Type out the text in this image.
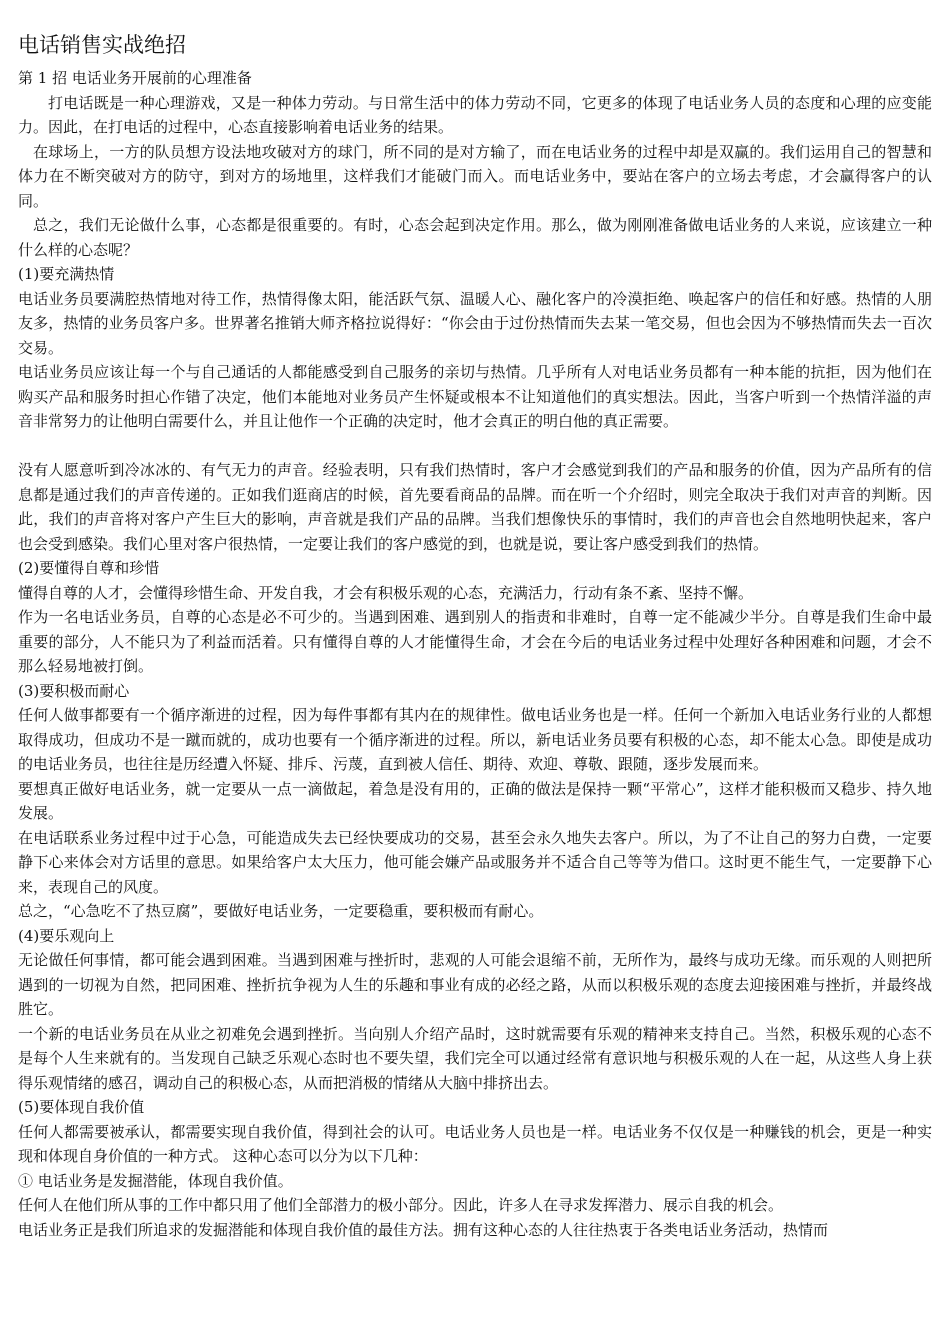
电话销售实战绝招

第 1 招 电话业务开展前的心理准备

打电话既是一种心理游戏，又是一种体力劳动。与日常生活中的体力劳动不同，它更多的体现了电话业务人员的态度和心理的应变能力。因此，在打电话的过程中，心态直接影响着电话业务的结果。

在球场上，一方的队员想方设法地攻破对方的球门，所不同的是对方输了，而在电话业务的过程中却是双赢的。我们运用自己的智慧和体力在不断突破对方的防守，到对方的场地里，这样我们才能破门而入。而电话业务中，要站在客户的立场去考虑，才会赢得客户的认同。

总之，我们无论做什么事，心态都是很重要的。有时，心态会起到决定作用。那么，做为刚刚准备做电话业务的人来说，应该建立一种什么样的心态呢？

(1)要充满热情

电话业务员要满腔热情地对待工作，热情得像太阳，能活跃气氛、温暖人心、融化客户的冷漠拒绝、唤起客户的信任和好感。热情的人朋友多，热情的业务员客户多。世界著名推销大师齐格拉说得好：“你会由于过份热情而失去某一笔交易，但也会因为不够热情而失去一百次交易。

电话业务员应该让每一个与自己通话的人都能感受到自己服务的亲切与热情。几乎所有人对电话业务员都有一种本能的抗拒，因为他们在购买产品和服务时担心作错了决定，他们本能地对业务员产生怀疑或根本不让知道他们的真实想法。因此，当客户听到一个热情洋溢的声音非常努力的让他明白需要什么，并且让他作一个正确的决定时，他才会真正的明白他的真正需要。

没有人愿意听到冷冰冰的、有气无力的声音。经验表明，只有我们热情时，客户才会感觉到我们的产品和服务的价值，因为产品所有的信息都是通过我们的声音传递的。正如我们逛商店的时候，首先要看商品的品牌。而在听一个介绍时，则完全取决于我们对声音的判断。因此，我们的声音将对客户产生巨大的影响，声音就是我们产品的品牌。当我们想像快乐的事情时，我们的声音也会自然地明快起来，客户也会受到感染。我们心里对客户很热情，一定要让我们的客户感觉的到，也就是说，要让客户感受到我们的热情。

(2)要懂得自尊和珍惜

懂得自尊的人才，会懂得珍惜生命、开发自我，才会有积极乐观的心态，充满活力，行动有条不紊、坚持不懈。

作为一名电话业务员，自尊的心态是必不可少的。当遇到困难、遇到别人的指责和非难时，自尊一定不能减少半分。自尊是我们生命中最重要的部分，人不能只为了利益而活着。只有懂得自尊的人才能懂得生命，才会在今后的电话业务过程中处理好各种困难和问题，才会不那么轻易地被打倒。

(3)要积极而耐心

任何人做事都要有一个循序渐进的过程，因为每件事都有其内在的规律性。做电话业务也是一样。任何一个新加入电话业务行业的人都想取得成功，但成功不是一蹴而就的，成功也要有一个循序渐进的过程。所以，新电话业务员要有积极的心态，却不能太心急。即使是成功的电话业务员，也往往是历经遭入怀疑、排斥、污蔑，直到被人信任、期待、欢迎、尊敬、跟随，逐步发展而来。

要想真正做好电话业务，就一定要从一点一滴做起，着急是没有用的，正确的做法是保持一颗“平常心”，这样才能积极而又稳步、持久地发展。

在电话联系业务过程中过于心急，可能造成失去已经快要成功的交易，甚至会永久地失去客户。所以，为了不让自己的努力白费，一定要静下心来体会对方话里的意思。如果给客户太大压力，他可能会嫌产品或服务并不适合自己等等为借口。这时更不能生气，一定要静下心来，表现自己的风度。

总之，“心急吃不了热豆腐”，要做好电话业务，一定要稳重，要积极而有耐心。

(4)要乐观向上

无论做任何事情，都可能会遇到困难。当遇到困难与挫折时，悲观的人可能会退缩不前，无所作为，最终与成功无缘。而乐观的人则把所遇到的一切视为自然，把同困难、挫折抗争视为人生的乐趣和事业有成的必经之路，从而以积极乐观的态度去迎接困难与挫折，并最终战胜它。

一个新的电话业务员在从业之初难免会遇到挫折。当向别人介绍产品时，这时就需要有乐观的精神来支持自己。当然，积极乐观的心态不是每个人生来就有的。当发现自己缺乏乐观心态时也不要失望，我们完全可以通过经常有意识地与积极乐观的人在一起，从这些人身上获得乐观情绪的感召，调动自己的积极心态，从而把消极的情绪从大脑中排挤出去。

(5)要体现自我价值

任何人都需要被承认，都需要实现自我价值，得到社会的认可。电话业务人员也是一样。电话业务不仅仅是一种赚钱的机会，更是一种实现和体现自身价值的一种方式。 这种心态可以分为以下几种：

① 电话业务是发掘潜能，体现自我价值。

任何人在他们所从事的工作中都只用了他们全部潜力的极小部分。因此，许多人在寻求发挥潜力、展示自我的机会。

电话业务正是我们所追求的发掘潜能和体现自我价值的最佳方法。拥有这种心态的人往往热衷于各类电话业务活动，热情而
